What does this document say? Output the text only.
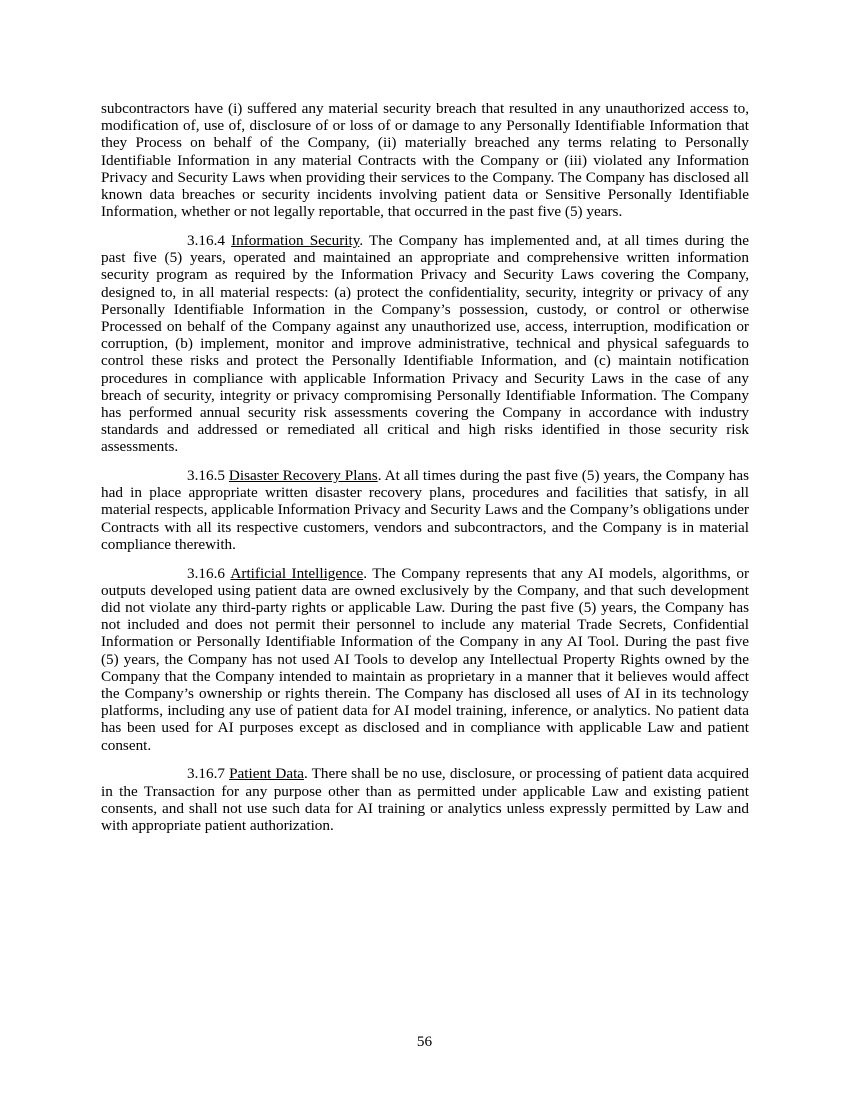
subcontractors have (i) suffered any material security breach that resulted in any unauthorized access to, modification of, use of, disclosure of or loss of or damage to any Personally Identifiable Information that they Process on behalf of the Company, (ii) materially breached any terms relating to Personally Identifiable Information in any material Contracts with the Company or (iii) violated any Information Privacy and Security Laws when providing their services to the Company. The Company has disclosed all known data breaches or security incidents involving patient data or Sensitive Personally Identifiable Information, whether or not legally reportable, that occurred in the past five (5) years.

3.16.4 Information Security. The Company has implemented and, at all times during the past five (5) years, operated and maintained an appropriate and comprehensive written information security program as required by the Information Privacy and Security Laws covering the Company, designed to, in all material respects: (a) protect the confidentiality, security, integrity or privacy of any Personally Identifiable Information in the Company’s possession, custody, or control or otherwise Processed on behalf of the Company against any unauthorized use, access, interruption, modification or corruption, (b) implement, monitor and improve administrative, technical and physical safeguards to control these risks and protect the Personally Identifiable Information, and (c) maintain notification procedures in compliance with applicable Information Privacy and Security Laws in the case of any breach of security, integrity or privacy compromising Personally Identifiable Information. The Company has performed annual security risk assessments covering the Company in accordance with industry standards and addressed or remediated all critical and high risks identified in those security risk assessments.

3.16.5 Disaster Recovery Plans. At all times during the past five (5) years, the Company has had in place appropriate written disaster recovery plans, procedures and facilities that satisfy, in all material respects, applicable Information Privacy and Security Laws and the Company’s obligations under Contracts with all its respective customers, vendors and subcontractors, and the Company is in material compliance therewith.

3.16.6 Artificial Intelligence. The Company represents that any AI models, algorithms, or outputs developed using patient data are owned exclusively by the Company, and that such development did not violate any third-party rights or applicable Law. During the past five (5) years, the Company has not included and does not permit their personnel to include any material Trade Secrets, Confidential Information or Personally Identifiable Information of the Company in any AI Tool. During the past five (5) years, the Company has not used AI Tools to develop any Intellectual Property Rights owned by the Company that the Company intended to maintain as proprietary in a manner that it believes would affect the Company’s ownership or rights therein. The Company has disclosed all uses of AI in its technology platforms, including any use of patient data for AI model training, inference, or analytics. No patient data has been used for AI purposes except as disclosed and in compliance with applicable Law and patient consent.

3.16.7 Patient Data. There shall be no use, disclosure, or processing of patient data acquired in the Transaction for any purpose other than as permitted under applicable Law and existing patient consents, and shall not use such data for AI training or analytics unless expressly permitted by Law and with appropriate patient authorization.

56
